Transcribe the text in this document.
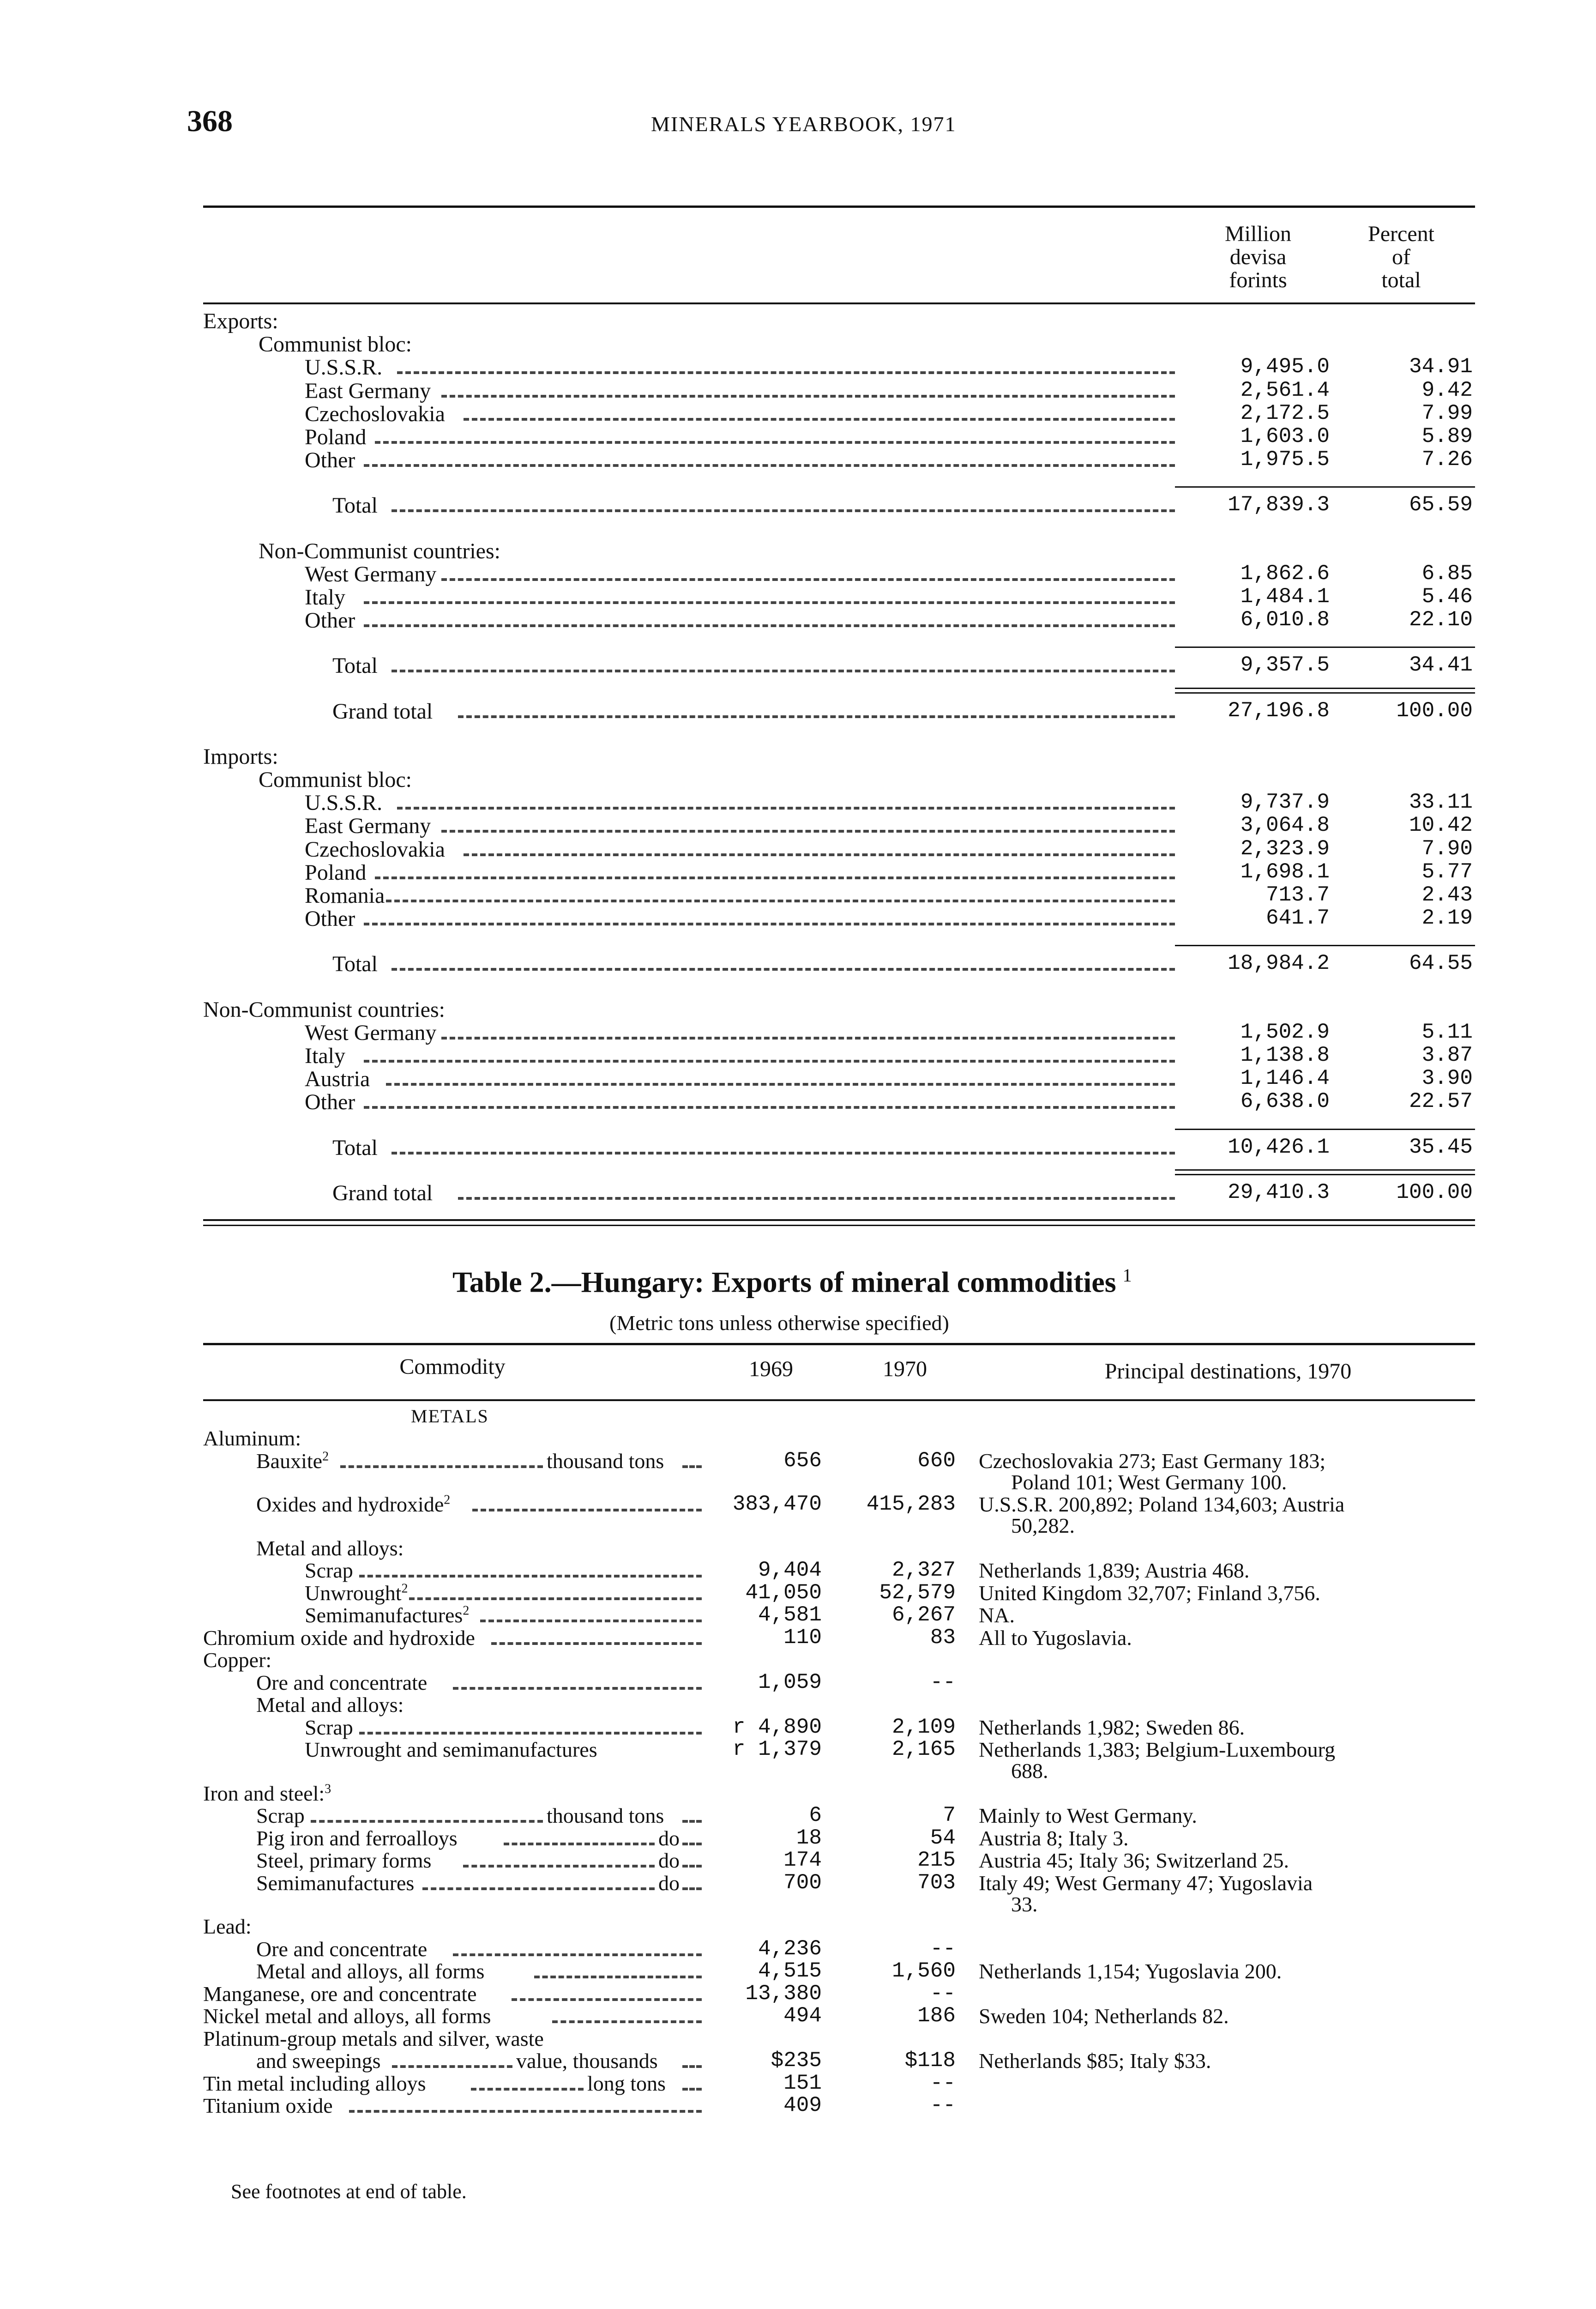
368	MINERALS YEARBOOK, 1971
Million
devisa
forints
Percent
of
total
Exports:
Communist bloc:
U.S.S.R.	9,495.0	34.91
East Germany	2,561.4	9.42
Czechoslovakia	2,172.5	7.99
Poland	1,603.0	5.89
Other	1,975.5	7.26
Total	17,839.3	65.59
Non-Communist countries:
West Germany	1,862.6	6.85
Italy	1,484.1	5.46
Other	6,010.8	22.10
Total	9,357.5	34.41
Grand total	27,196.8	100.00
Imports:
Communist bloc:
U.S.S.R.	9,737.9	33.11
East Germany	3,064.8	10.42
Czechoslovakia	2,323.9	7.90
Poland	1,698.1	5.77
Romania	713.7	2.43
Other	641.7	2.19
Total	18,984.2	64.55
Non-Communist countries:
West Germany	1,502.9	5.11
Italy	1,138.8	3.87
Austria	1,146.4	3.90
Other	6,638.0	22.57
Total	10,426.1	35.45
Grand total	29,410.3	100.00
Table 2.—Hungary: Exports of mineral commodities $^1$
(Metric tons unless otherwise specified)
Commodity	1969	1970	Principal destinations, 1970
METALS
Aluminum:
Bauxite$^2$	thousand tons	656	660 Czechoslovakia 273; East Germany 183;
Poland 101; West Germany 100.
Oxides and hydroxide$^2$	383,470	415,283 U.S.S.R. 200,892; Poland 134,603; Austria
50,282.
Metal and alloys:
Scrap	9,404	2,327 Netherlands 1,839; Austria 468.
Unwrought$^2$	41,050	52,579 United Kingdom 32,707; Finland 3,756.
Semimanufactures$^2$	4,581	6,267 NA.
Chromium oxide and hydroxide	110	83 All to Yugoslavia.
Copper:
Ore and concentrate	1,059	--
Metal and alloys:
Scrap	r 4,890	2,109 Netherlands 1,982; Sweden 86.
Unwrought and semimanufactures	r 1,379	2,165 Netherlands 1,383; Belgium-Luxembourg
688.
Iron and steel:$^3$
Scrap	thousand tons	6	7 Mainly to West Germany.
Pig iron and ferroalloys	do	18	54 Austria 8; Italy 3.
Steel, primary forms	do	174	215 Austria 45; Italy 36; Switzerland 25.
Semimanufactures	do	700	703 Italy 49; West Germany 47; Yugoslavia
33.
Lead:
Ore and concentrate	4,236	--
Metal and alloys, all forms	4,515	1,560 Netherlands 1,154; Yugoslavia 200.
Manganese, ore and concentrate	13,380	--
Nickel metal and alloys, all forms	494	186 Sweden 104; Netherlands 82.
Platinum-group metals and silver, waste
and sweepings	value, thousands	$235	$118 Netherlands $85; Italy $33.
Tin metal including alloys	long tons	151	--
Titanium oxide	409	--
See footnotes at end of table.
